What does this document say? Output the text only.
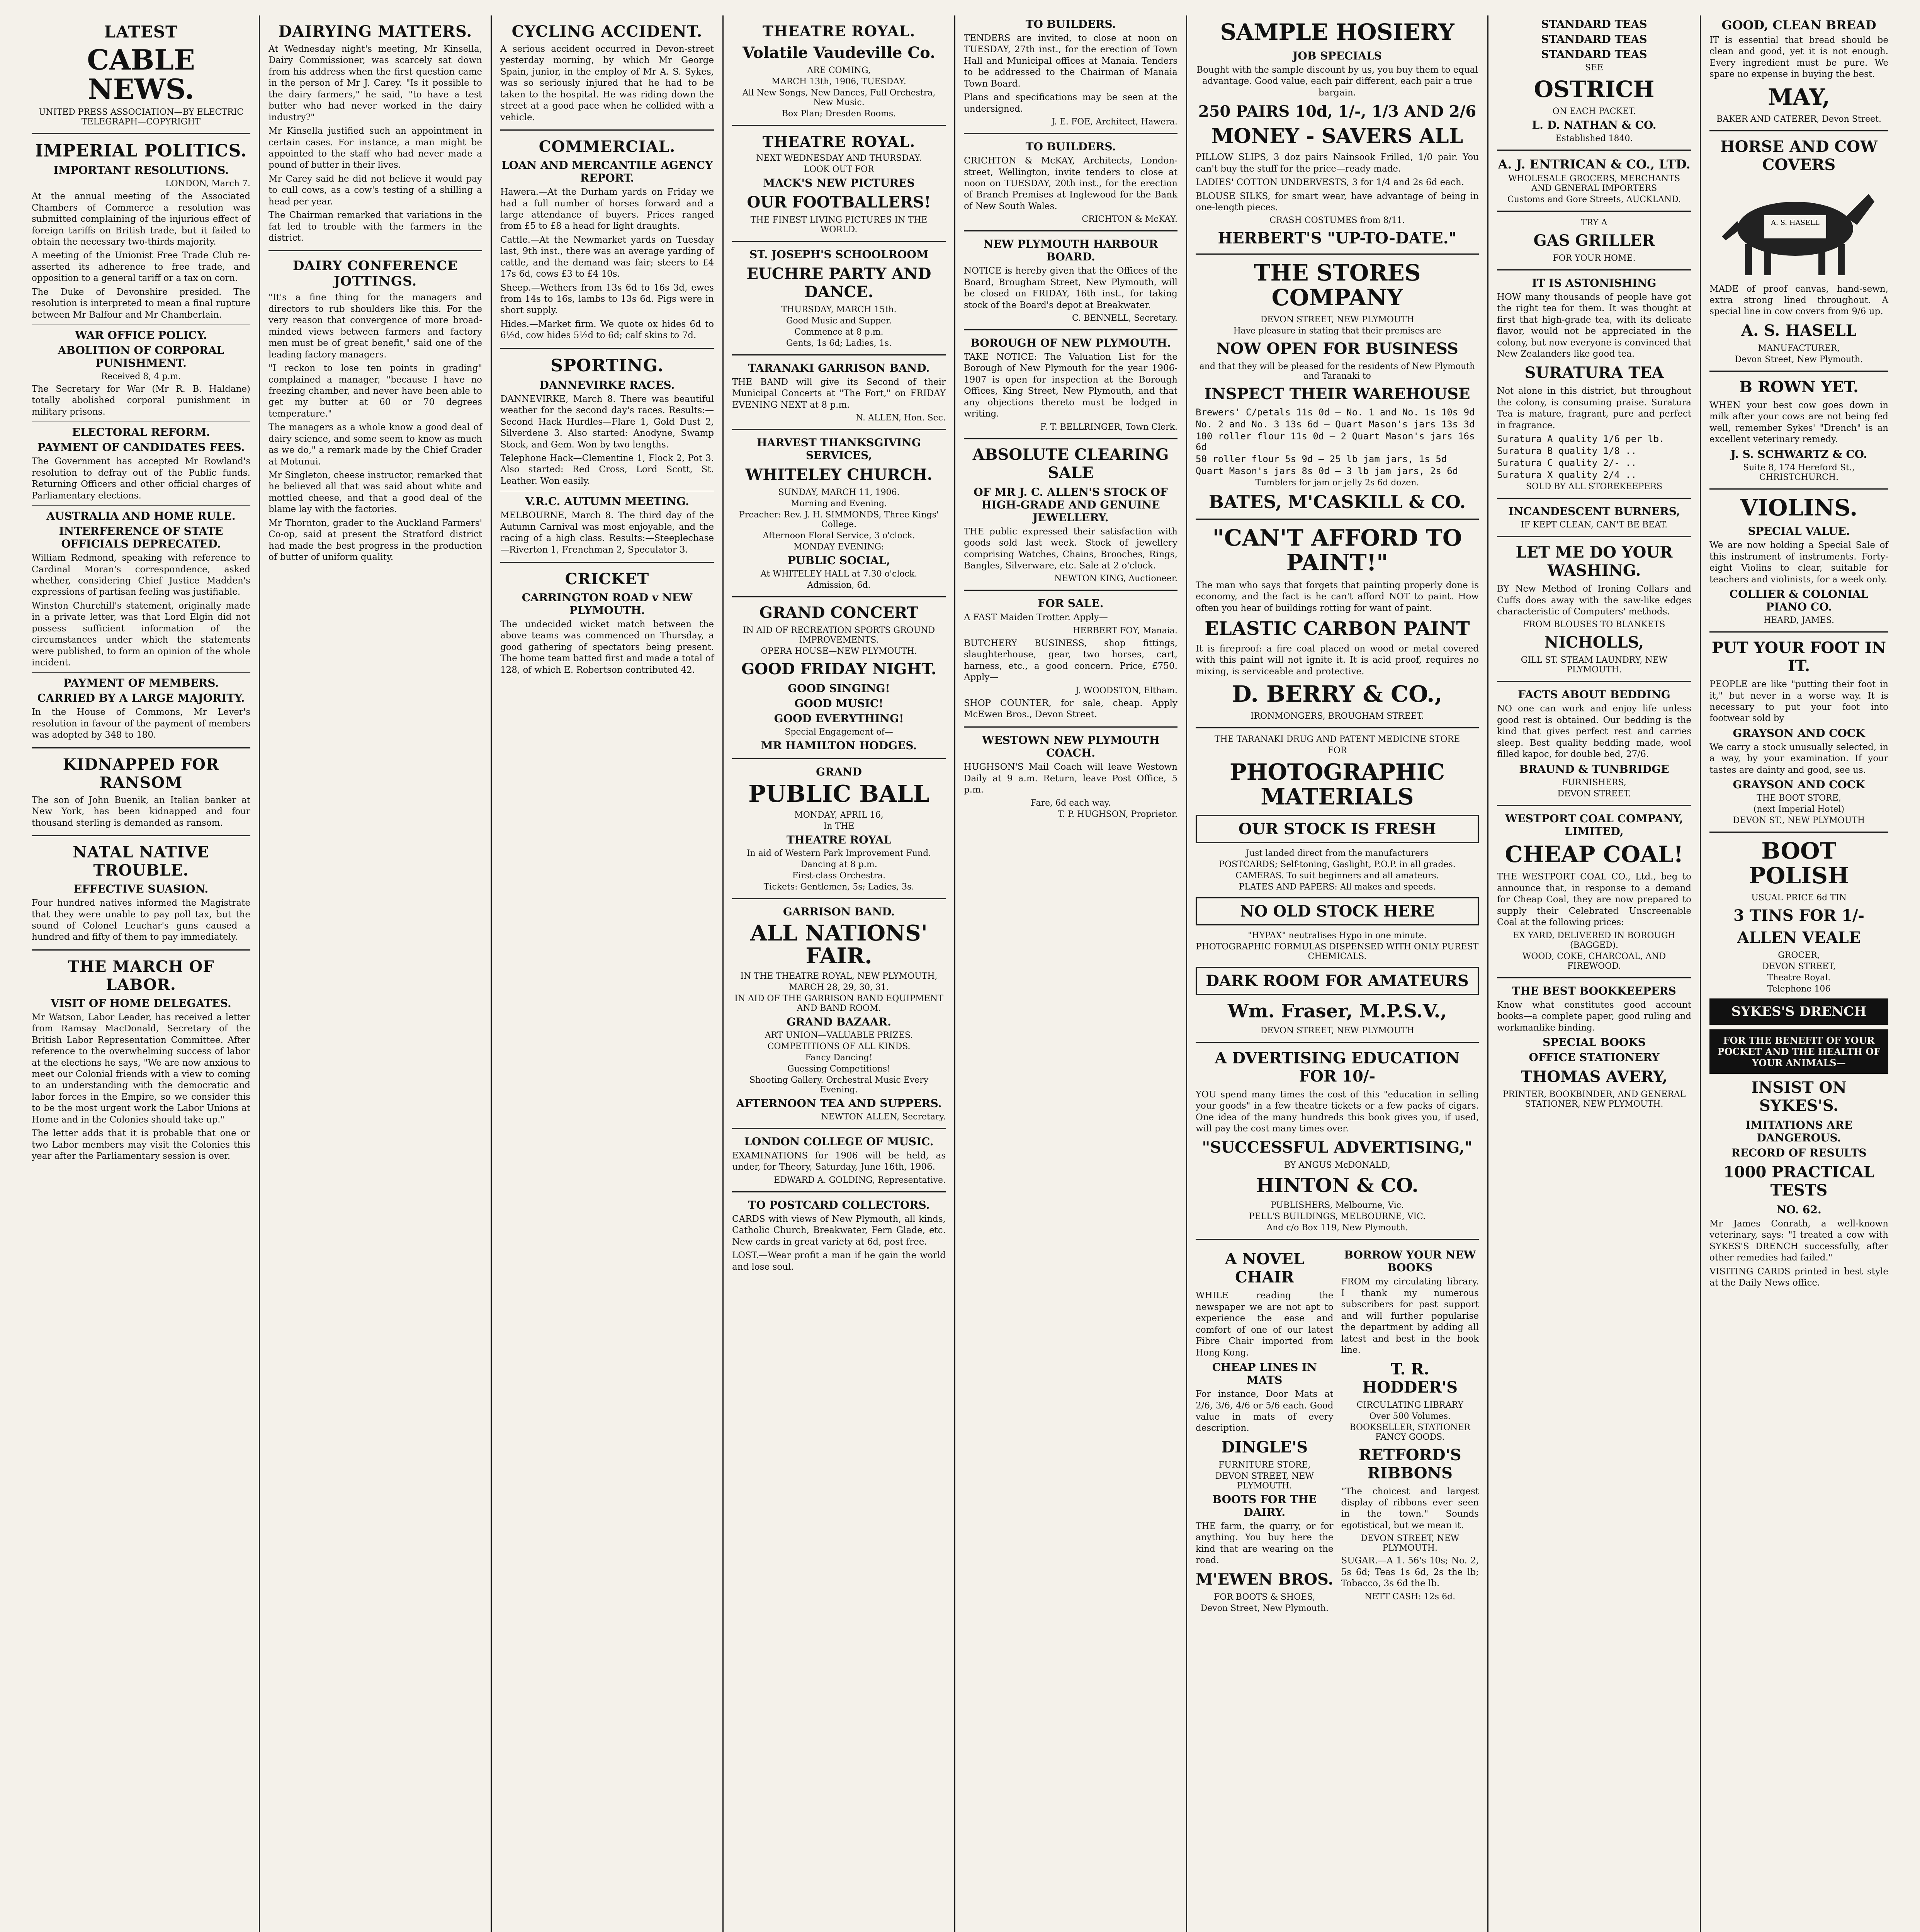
LATEST
CABLE NEWS.
UNITED PRESS ASSOCIATION—BY ELECTRIC TELEGRAPH—COPYRIGHT
IMPERIAL POLITICS.
IMPORTANT RESOLUTIONS.
LONDON, March 7.

At the annual meeting of the Associated Chambers of Commerce a resolution was submitted complaining of the injurious effect of foreign tariffs on British trade, but it failed to obtain the necessary two-thirds majority.

A meeting of the Unionist Free Trade Club re-asserted its adherence to free trade, and opposition to a general tariff or a tax on corn.

The Duke of Devonshire presided. The resolution is interpreted to mean a final rupture between Mr Balfour and Mr Chamberlain.

WAR OFFICE POLICY.
ABOLITION OF CORPORAL PUNISHMENT.
Received 8, 4 p.m.

The Secretary for War (Mr R. B. Haldane) totally abolished corporal punishment in military prisons.

ELECTORAL REFORM.
PAYMENT OF CANDIDATES FEES.

The Government has accepted Mr Rowland's resolution to defray out of the Public funds. Returning Officers and other official charges of Parliamentary elections.

AUSTRALIA AND HOME RULE.
INTERFERENCE OF STATE OFFICIALS DEPRECATED.

William Redmond, speaking with reference to Cardinal Moran's correspondence, asked whether, considering Chief Justice Madden's expressions of partisan feeling was justifiable.

Winston Churchill's statement, originally made in a private letter, was that Lord Elgin did not possess sufficient information of the circumstances under which the statements were published, to form an opinion of the whole incident.

PAYMENT OF MEMBERS.
CARRIED BY A LARGE MAJORITY.

In the House of Commons, Mr Lever's resolution in favour of the payment of members was adopted by 348 to 180.

KIDNAPPED FOR RANSOM

The son of John Buenik, an Italian banker at New York, has been kidnapped and four thousand sterling is demanded as ransom.

NATAL NATIVE TROUBLE.
EFFECTIVE SUASION.

Four hundred natives informed the Magistrate that they were unable to pay poll tax, but the sound of Colonel Leuchar's guns caused a hundred and fifty of them to pay immediately.

THE MARCH OF LABOR.
VISIT OF HOME DELEGATES.

Mr Watson, Labor Leader, has received a letter from Ramsay MacDonald, Secretary of the British Labor Representation Committee. After reference to the overwhelming success of labor at the elections he says, "We are now anxious to meet our Colonial friends with a view to coming to an understanding with the democratic and labor forces in the Empire, so we consider this to be the most urgent work the Labor Unions at Home and in the Colonies should take up."

The letter adds that it is probable that one or two Labor members may visit the Colonies this year after the Parliamentary session is over.

DAIRYING MATTERS.

At Wednesday night's meeting, Mr Kinsella, Dairy Commissioner, was scarcely sat down from his address when the first question came in the person of Mr J. Carey. "Is it possible to the dairy farmers," he said, "to have a test butter who had never worked in the dairy industry?"

Mr Kinsella justified such an appointment in certain cases. For instance, a man might be appointed to the staff who had never made a pound of butter in their lives.

Mr Carey said he did not believe it would pay to cull cows, as a cow's testing of a shilling a head per year.

The Chairman remarked that variations in the fat led to trouble with the farmers in the district.

DAIRY CONFERENCE JOTTINGS.

"It's a fine thing for the managers and directors to rub shoulders like this. For the very reason that convergence of more broad-minded views between farmers and factory men must be of great benefit," said one of the leading factory managers.

"I reckon to lose ten points in grading" complained a manager, "because I have no freezing chamber, and never have been able to get my butter at 60 or 70 degrees temperature."

The managers as a whole know a good deal of dairy science, and some seem to know as much as we do," a remark made by the Chief Grader at Motunui.

Mr Singleton, cheese instructor, remarked that he believed all that was said about white and mottled cheese, and that a good deal of the blame lay with the factories.

Mr Thornton, grader to the Auckland Farmers' Co-op, said at present the Stratford district had made the best progress in the production of butter of uniform quality.

CYCLING ACCIDENT.

A serious accident occurred in Devon-street yesterday morning, by which Mr George Spain, junior, in the employ of Mr A. S. Sykes, was so seriously injured that he had to be taken to the hospital. He was riding down the street at a good pace when he collided with a vehicle.

COMMERCIAL.
LOAN AND MERCANTILE AGENCY REPORT.

Hawera.—At the Durham yards on Friday we had a full number of horses forward and a large attendance of buyers. Prices ranged from £5 to £8 a head for light draughts.

Cattle.—At the Newmarket yards on Tuesday last, 9th inst., there was an average yarding of cattle, and the demand was fair; steers to £4 17s 6d, cows £3 to £4 10s.

Sheep.—Wethers from 13s 6d to 16s 3d, ewes from 14s to 16s, lambs to 13s 6d. Pigs were in short supply.

Hides.—Market firm. We quote ox hides 6d to 6½d, cow hides 5½d to 6d; calf skins to 7d.

SPORTING.
DANNEVIRKE RACES.

DANNEVIRKE, March 8. There was beautiful weather for the second day's races. Results:—Second Hack Hurdles—Flare 1, Gold Dust 2, Silverdene 3. Also started: Anodyne, Swamp Stock, and Gem. Won by two lengths.

Telephone Hack—Clementine 1, Flock 2, Pot 3. Also started: Red Cross, Lord Scott, St. Leather. Won easily.

V.R.C. AUTUMN MEETING.

MELBOURNE, March 8. The third day of the Autumn Carnival was most enjoyable, and the racing of a high class. Results:—Steeplechase—Riverton 1, Frenchman 2, Speculator 3.

CRICKET
CARRINGTON ROAD v NEW PLYMOUTH.

The undecided wicket match between the above teams was commenced on Thursday, a good gathering of spectators being present. The home team batted first and made a total of 128, of which E. Robertson contributed 42.

THEATRE ROYAL.
Volatile Vaudeville Co.
ARE COMING,
MARCH 13th, 1906, TUESDAY.
All New Songs, New Dances, Full Orchestra, New Music.
Box Plan; Dresden Rooms.
THEATRE ROYAL.
NEXT WEDNESDAY AND THURSDAY.
LOOK OUT FOR
MACK'S NEW PICTURES
OUR FOOTBALLERS!
THE FINEST LIVING PICTURES IN THE WORLD.
ST. JOSEPH'S SCHOOLROOM
EUCHRE PARTY AND DANCE.
THURSDAY, MARCH 15th.
Good Music and Supper.
Commence at 8 p.m.
Gents, 1s 6d; Ladies, 1s.
TARANAKI GARRISON BAND.

THE BAND will give its Second of their Municipal Concerts at "The Fort," on FRIDAY EVENING NEXT at 8 p.m.

N. ALLEN, Hon. Sec.
HARVEST THANKSGIVING SERVICES,
WHITELEY CHURCH.
SUNDAY, MARCH 11, 1906.
Morning and Evening.
Preacher: Rev. J. H. SIMMONDS, Three Kings' College.
Afternoon Floral Service, 3 o'clock.
MONDAY EVENING:
PUBLIC SOCIAL,
At WHITELEY HALL at 7.30 o'clock.
Admission, 6d.
GRAND CONCERT
IN AID OF RECREATION SPORTS GROUND IMPROVEMENTS.
OPERA HOUSE—NEW PLYMOUTH.
GOOD FRIDAY NIGHT.
GOOD SINGING!
GOOD MUSIC!
GOOD EVERYTHING!
Special Engagement of—
MR HAMILTON HODGES.
GRAND
PUBLIC BALL
MONDAY, APRIL 16,
In THE
THEATRE ROYAL
In aid of Western Park Improvement Fund.
Dancing at 8 p.m.
First-class Orchestra.
Tickets: Gentlemen, 5s; Ladies, 3s.
GARRISON BAND.
ALL NATIONS' FAIR.
IN THE THEATRE ROYAL, NEW PLYMOUTH,
MARCH 28, 29, 30, 31.
IN AID OF THE GARRISON BAND EQUIPMENT AND BAND ROOM.
GRAND BAZAAR.
ART UNION—VALUABLE PRIZES.
COMPETITIONS OF ALL KINDS.
Fancy Dancing!
Guessing Competitions!
Shooting Gallery. Orchestral Music Every Evening.
AFTERNOON TEA AND SUPPERS.
NEWTON ALLEN, Secretary.
LONDON COLLEGE OF MUSIC.

EXAMINATIONS for 1906 will be held, as under, for Theory, Saturday, June 16th, 1906.

EDWARD A. GOLDING, Representative.
TO POSTCARD COLLECTORS.

CARDS with views of New Plymouth, all kinds, Catholic Church, Breakwater, Fern Glade, etc. New cards in great variety at 6d, post free.

LOST.—Wear profit a man if he gain the world and lose soul.

TO BUILDERS.

TENDERS are invited, to close at noon on TUESDAY, 27th inst., for the erection of Town Hall and Municipal offices at Manaia. Tenders to be addressed to the Chairman of Manaia Town Board.

Plans and specifications may be seen at the undersigned.

J. E. FOE, Architect, Hawera.
TO BUILDERS.

CRICHTON & McKAY, Architects, London-street, Wellington, invite tenders to close at noon on TUESDAY, 20th inst., for the erection of Branch Premises at Inglewood for the Bank of New South Wales.

CRICHTON & McKAY.
NEW PLYMOUTH HARBOUR BOARD.

NOTICE is hereby given that the Offices of the Board, Brougham Street, New Plymouth, will be closed on FRIDAY, 16th inst., for taking stock of the Board's depot at Breakwater.

C. BENNELL, Secretary.
BOROUGH OF NEW PLYMOUTH.

TAKE NOTICE: The Valuation List for the Borough of New Plymouth for the year 1906-1907 is open for inspection at the Borough Offices, King Street, New Plymouth, and that any objections thereto must be lodged in writing.

F. T. BELLRINGER, Town Clerk.
ABSOLUTE CLEARING SALE
OF MR J. C. ALLEN'S STOCK OF HIGH-GRADE AND GENUINE JEWELLERY.

THE public expressed their satisfaction with goods sold last week. Stock of jewellery comprising Watches, Chains, Brooches, Rings, Bangles, Silverware, etc. Sale at 2 o'clock.

NEWTON KING, Auctioneer.
FOR SALE.

A FAST Maiden Trotter. Apply—

HERBERT FOY, Manaia.

BUTCHERY BUSINESS, shop fittings, slaughterhouse, gear, two horses, cart, harness, etc., a good concern. Price, £750. Apply—

J. WOODSTON, Eltham.

SHOP COUNTER, for sale, cheap. Apply McEwen Bros., Devon Street.

WESTOWN NEW PLYMOUTH COACH.

HUGHSON'S Mail Coach will leave Westown Daily at 9 a.m. Return, leave Post Office, 5 p.m.

Fare, 6d each way.
T. P. HUGHSON, Proprietor.
SAMPLE HOSIERY
JOB SPECIALS

Bought with the sample discount by us, you buy them to equal advantage. Good value, each pair different, each pair a true bargain.

250 PAIRS 10d, 1/-, 1/3 AND 2/6
MONEY - SAVERS ALL

PILLOW SLIPS, 3 doz pairs Nainsook Frilled, 1/0 pair. You can't buy the stuff for the price—ready made.

LADIES' COTTON UNDERVESTS, 3 for 1/4 and 2s 6d each.

BLOUSE SILKS, for smart wear, have advantage of being in one-length pieces.

CRASH COSTUMES from 8/11.
HERBERT'S "UP-TO-DATE."
THE STORES COMPANY
DEVON STREET, NEW PLYMOUTH
Have pleasure in stating that their premises are
NOW OPEN FOR BUSINESS
and that they will be pleased for the residents of New Plymouth and Taranaki to
INSPECT THEIR WAREHOUSE
Brewers' C/petals 11s 0d — No. 1 and No. 1s 10s 9d
No. 2 and No. 3 13s 6d — Quart Mason's jars 13s 3d
100 roller flour 11s 0d — 2 Quart Mason's jars 16s 6d
50 roller flour 5s 9d — 25 lb jam jars, 1s 5d
Quart Mason's jars 8s 0d — 3 lb jam jars, 2s 6d
Tumblers for jam or jelly 2s 6d dozen.
BATES, M'CASKILL & CO.
"CAN'T AFFORD TO PAINT!"

The man who says that forgets that painting properly done is economy, and the fact is he can't afford NOT to paint. How often you hear of buildings rotting for want of paint.

ELASTIC CARBON PAINT

It is fireproof: a fire coal placed on wood or metal covered with this paint will not ignite it. It is acid proof, requires no mixing, is serviceable and protective.

D. BERRY & CO.,
IRONMONGERS, BROUGHAM STREET.
THE TARANAKI DRUG AND PATENT MEDICINE STORE
FOR
PHOTOGRAPHIC MATERIALS
OUR STOCK IS FRESH
Just landed direct from the manufacturers
POSTCARDS; Self-toning, Gaslight, P.O.P. in all grades.
CAMERAS. To suit beginners and all amateurs.
PLATES AND PAPERS: All makes and speeds.
NO OLD STOCK HERE
"HYPAX" neutralises Hypo in one minute.
PHOTOGRAPHIC FORMULAS DISPENSED WITH ONLY PUREST CHEMICALS.
DARK ROOM FOR AMATEURS
Wm. Fraser, M.P.S.V.,
DEVON STREET, NEW PLYMOUTH
A DVERTISING EDUCATION FOR 10/-

YOU spend many times the cost of this "education in selling your goods" in a few theatre tickets or a few packs of cigars. One idea of the many hundreds this book gives you, if used, will pay the cost many times over.

"SUCCESSFUL ADVERTISING,"
BY ANGUS McDONALD,
HINTON & CO.
PUBLISHERS, Melbourne, Vic.
PELL'S BUILDINGS, MELBOURNE, VIC.
And c/o Box 119, New Plymouth.
A NOVEL CHAIR

WHILE reading the newspaper we are not apt to experience the ease and comfort of one of our latest Fibre Chair imported from Hong Kong.

CHEAP LINES IN MATS

For instance, Door Mats at 2/6, 3/6, 4/6 or 5/6 each. Good value in mats of every description.

DINGLE'S
FURNITURE STORE,
DEVON STREET, NEW PLYMOUTH.
BOOTS FOR THE DAIRY.

THE farm, the quarry, or for anything. You buy here the kind that are wearing on the road.

M'EWEN BROS.
FOR BOOTS & SHOES,
Devon Street, New Plymouth.
BORROW YOUR NEW BOOKS

FROM my circulating library. I thank my numerous subscribers for past support and will further popularise the department by adding all latest and best in the book line.

T. R. HODDER'S
CIRCULATING LIBRARY
Over 500 Volumes.
BOOKSELLER, STATIONER FANCY GOODS.
RETFORD'S RIBBONS

"The choicest and largest display of ribbons ever seen in the town." Sounds egotistical, but we mean it.

DEVON STREET, NEW PLYMOUTH.

SUGAR.—A 1. 56's 10s; No. 2, 5s 6d; Teas 1s 6d, 2s the lb; Tobacco, 3s 6d the lb.

NETT CASH: 12s 6d.
STANDARD TEAS
STANDARD TEAS
STANDARD TEAS
SEE
OSTRICH
ON EACH PACKET.
L. D. NATHAN & CO.
Established 1840.
A. J. ENTRICAN & CO., LTD.
WHOLESALE GROCERS, MERCHANTS AND GENERAL IMPORTERS
Customs and Gore Streets, AUCKLAND.
TRY A
GAS GRILLER
FOR YOUR HOME.
IT IS ASTONISHING

HOW many thousands of people have got the right tea for them. It was thought at first that high-grade tea, with its delicate flavor, would not be appreciated in the colony, but now everyone is convinced that New Zealanders like good tea.

SURATURA TEA

Not alone in this district, but throughout the colony, is consuming praise. Suratura Tea is mature, fragrant, pure and perfect in fragrance.

Suratura A quality 1/6 per lb.
Suratura B quality 1/8 ..
Suratura C quality 2/- ..
Suratura X quality 2/4 ..
SOLD BY ALL STOREKEEPERS
INCANDESCENT BURNERS,
IF KEPT CLEAN, CAN'T BE BEAT.
LET ME DO YOUR WASHING.

BY New Method of Ironing Collars and Cuffs does away with the saw-like edges characteristic of Computers' methods.

FROM BLOUSES TO BLANKETS
NICHOLLS,
GILL ST. STEAM LAUNDRY, NEW PLYMOUTH.
FACTS ABOUT BEDDING

NO one can work and enjoy life unless good rest is obtained. Our bedding is the kind that gives perfect rest and carries sleep. Best quality bedding made, wool filled kapoc, for double bed, 27/6.

BRAUND & TUNBRIDGE
FURNISHERS,
DEVON STREET.
WESTPORT COAL COMPANY, LIMITED,
CHEAP COAL!

THE WESTPORT COAL CO., Ltd., beg to announce that, in response to a demand for Cheap Coal, they are now prepared to supply their Celebrated Unscreenable Coal at the following prices:

EX YARD, DELIVERED IN BOROUGH (BAGGED).
WOOD, COKE, CHARCOAL, AND FIREWOOD.
THE BEST BOOKKEEPERS

Know what constitutes good account books—a complete paper, good ruling and workmanlike binding.

SPECIAL BOOKS
OFFICE STATIONERY
THOMAS AVERY,
PRINTER, BOOKBINDER, AND GENERAL STATIONER, NEW PLYMOUTH.
GOOD, CLEAN BREAD

IT is essential that bread should be clean and good, yet it is not enough. Every ingredient must be pure. We spare no expense in buying the best.

MAY,
BAKER AND CATERER, Devon Street.
HORSE AND COW COVERS
A. S. HASELL

MADE of proof canvas, hand-sewn, extra strong lined throughout. A special line in cow covers from 9/6 up.

A. S. HASELL
MANUFACTURER,
Devon Street, New Plymouth.
B ROWN YET.

WHEN your best cow goes down in milk after your cows are not being fed well, remember Sykes' "Drench" is an excellent veterinary remedy.

J. S. SCHWARTZ & CO.
Suite 8, 174 Hereford St., CHRISTCHURCH.
VIOLINS.
SPECIAL VALUE.

We are now holding a Special Sale of this instrument of instruments. Forty-eight Violins to clear, suitable for teachers and violinists, for a week only.

COLLIER & COLONIAL PIANO CO.
HEARD, JAMES.
PUT YOUR FOOT IN IT.

PEOPLE are like "putting their foot in it," but never in a worse way. It is necessary to put your foot into footwear sold by

GRAYSON AND COCK

We carry a stock unusually selected, in a way, by your examination. If your tastes are dainty and good, see us.

GRAYSON AND COCK
THE BOOT STORE,
(next Imperial Hotel)
DEVON ST., NEW PLYMOUTH
BOOT POLISH
USUAL PRICE 6d TIN
3 TINS FOR 1/-
ALLEN VEALE
GROCER,
DEVON STREET,
Theatre Royal.
Telephone 106
SYKES'S DRENCH
FOR THE BENEFIT OF YOUR POCKET AND THE HEALTH OF YOUR ANIMALS—
INSIST ON SYKES'S.
IMITATIONS ARE DANGEROUS.
RECORD OF RESULTS
1000 PRACTICAL TESTS
NO. 62.

Mr James Conrath, a well-known veterinary, says: "I treated a cow with SYKES'S DRENCH successfully, after other remedies had failed."

VISITING CARDS printed in best style at the Daily News office.
